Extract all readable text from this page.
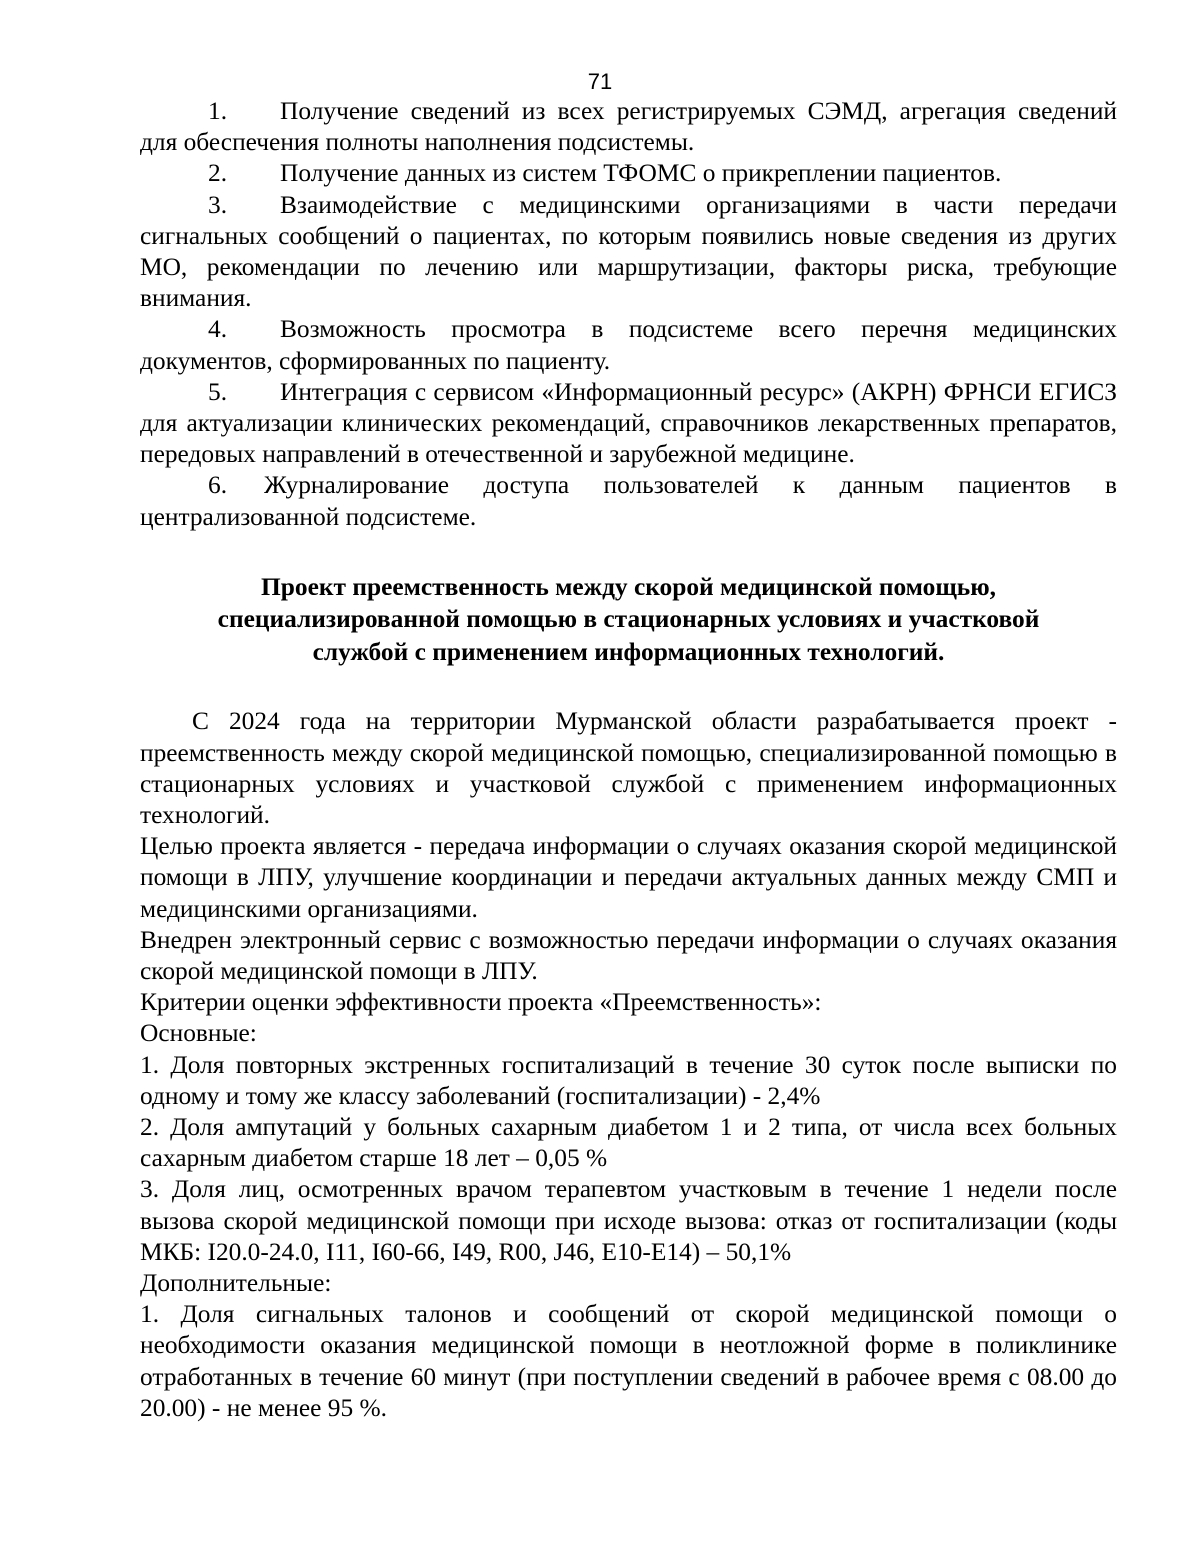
71

1. Получение сведений из всех регистрируемых СЭМД, агрегация сведений для обеспечения полноты наполнения подсистемы.

2. Получение данных из систем ТФОМС о прикреплении пациентов.

3. Взаимодействие с медицинскими организациями в части передачи сигнальных сообщений о пациентах, по которым появились новые сведения из других МО, рекомендации по лечению или маршрутизации, факторы риска, требующие внимания.

4. Возможность просмотра в подсистеме всего перечня медицинских документов, сформированных по пациенту.

5. Интеграция с сервисом «Информационный ресурс» (АКРН) ФРНСИ ЕГИСЗ для актуализации клинических рекомендаций, справочников лекарственных препаратов, передовых направлений в отечественной и зарубежной медицине.

6. Журналирование доступа пользователей к данным пациентов в централизованной подсистеме.

Проект преемственность между скорой медицинской помощью,
специализированной помощью в стационарных условиях и участковой
службой с применением информационных технологий.

С 2024 года на территории Мурманской области разрабатывается проект - преемственность между скорой медицинской помощью, специализированной помощью в стационарных условиях и участковой службой с применением информационных технологий.

Целью проекта является - передача информации о случаях оказания скорой медицинской помощи в ЛПУ, улучшение координации и передачи актуальных данных между СМП и медицинскими организациями.

Внедрен электронный сервис с возможностью передачи информации о случаях оказания скорой медицинской помощи в ЛПУ.

Критерии оценки эффективности проекта «Преемственность»:

Основные:

1. Доля повторных экстренных госпитализаций в течение 30 суток после выписки по одному и тому же классу заболеваний (госпитализации) - 2,4%

2. Доля ампутаций у больных сахарным диабетом 1 и 2 типа, от числа всех больных сахарным диабетом старше 18 лет – 0,05 %

3. Доля лиц, осмотренных врачом терапевтом участковым в течение 1 недели после вызова скорой медицинской помощи при исходе вызова: отказ от госпитализации (коды МКБ: I20.0-24.0, I11, I60-66, I49, R00, J46, E10-E14) – 50,1%

Дополнительные:

1. Доля сигнальных талонов и сообщений от скорой медицинской помощи о необходимости оказания медицинской помощи в неотложной форме в поликлинике отработанных в течение 60 минут (при поступлении сведений в рабочее время с 08.00 до 20.00) - не менее 95 %.
